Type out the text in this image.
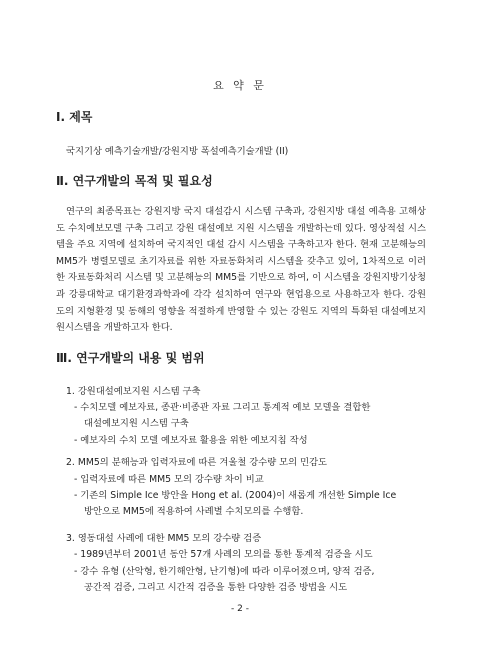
요 약 문
Ⅰ. 제목
국지기상 예측기술개발/강원지방 폭설예측기술개발 (II)
Ⅱ. 연구개발의 목적 및 필요성
연구의 최종목표는 강원지방 국지 대설감시 시스템 구축과, 강원지방 대설 예측용 고해상도 수치예보모델 구축 그리고 강원 대설예보 지원 시스템을 개발하는데 있다. 영상적설 시스템을 주요 지역에 설치하여 국지적인 대설 감시 시스템을 구축하고자 한다. 현재 고분해능의 MM5가 병렬모델로 초기자료를 위한 자료동화처리 시스템을 갖추고 있어, 1차적으로 이러한 자료동화처리 시스템 및 고분해능의 MM5를 기반으로 하여, 이 시스템을 강원지방기상청과 강릉대학교 대기환경과학과에 각각 설치하여 연구와 현업용으로 사용하고자 한다. 강원도의 지형환경 및 동해의 영향을 적절하게 반영할 수 있는 강원도 지역의 특화된 대설예보지원시스템을 개발하고자 한다.
Ⅲ. 연구개발의 내용 및 범위
1. 강원대설예보지원 시스템 구축
- 수치모델 예보자료, 종관·비종관 자료 그리고 통계적 예보 모델을 결합한
대설예보지원 시스템 구축
- 예보자의 수치 모델 예보자료 활용을 위한 예보지침 작성
2. MM5의 분해능과 입력자료에 따른 겨울철 강수량 모의 민감도
- 입력자료에 따른 MM5 모의 강수량 차이 비교
- 기존의 Simple Ice 방안을 Hong et al. (2004)이 새롭게 개선한 Simple Ice
방안으로 MM5에 적용하여 사례별 수치모의를 수행함.
3. 영동대설 사례에 대한 MM5 모의 강수량 검증
- 1989년부터 2001년 동안 57개 사례의 모의를 통한 통계적 검증을 시도
- 강수 유형 (산악형, 한기해안형, 난기형)에 따라 이루어졌으며, 양적 검증,
공간적 검증, 그리고 시간적 검증을 통한 다양한 검증 방법을 시도
- 2 -
